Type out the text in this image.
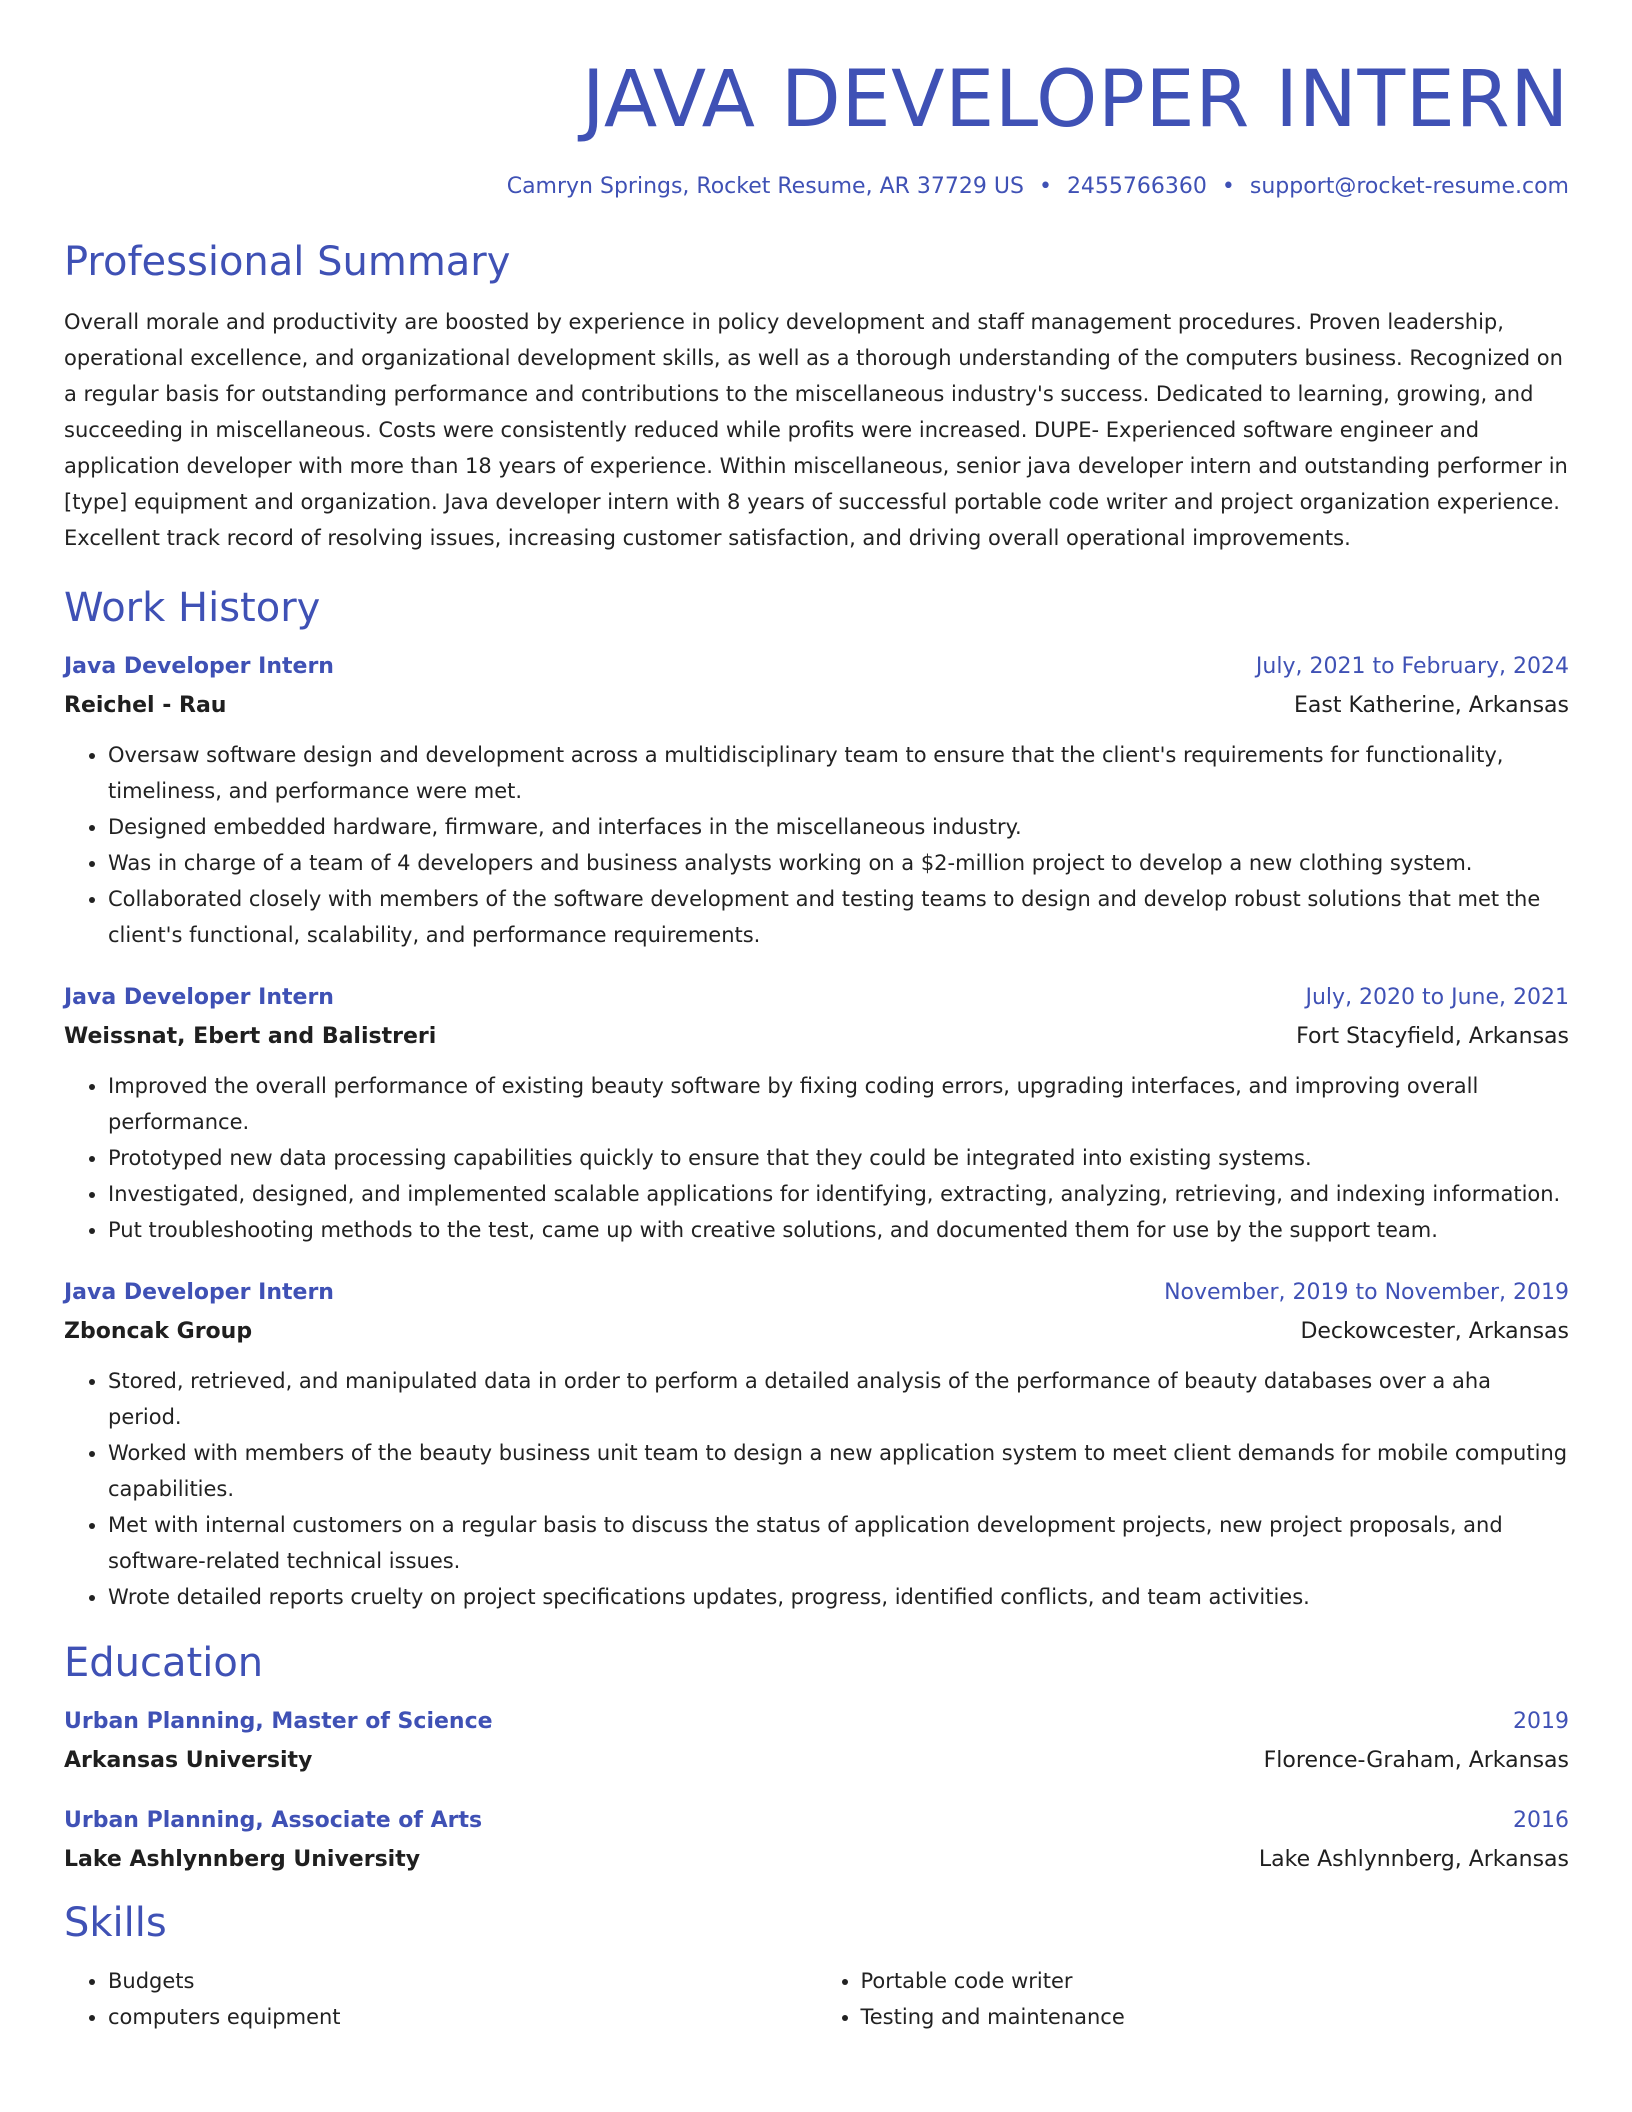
JAVA DEVELOPER INTERN
Camryn Springs, Rocket Resume, AR 37729 US • 2455766360 • support@rocket-resume.com
Professional Summary

Overall morale and productivity are boosted by experience in policy development and staff management procedures. Proven leadership, operational excellence, and organizational development skills, as well as a thorough understanding of the computers business. Recognized on a regular basis for outstanding performance and contributions to the miscellaneous industry's success. Dedicated to learning, growing, and succeeding in miscellaneous. Costs were consistently reduced while profits were increased. DUPE- Experienced software engineer and application developer with more than 18 years of experience. Within miscellaneous, senior java developer intern and outstanding performer in [type] equipment and organization. Java developer intern with 8 years of successful portable code writer and project organization experience. Excellent track record of resolving issues, increasing customer satisfaction, and driving overall operational improvements.

Work History
Java Developer Intern	July, 2021 to February, 2024
Reichel - Rau	East Katherine, Arkansas
• Oversaw software design and development across a multidisciplinary team to ensure that the client's requirements for functionality, timeliness, and performance were met.
• Designed embedded hardware, firmware, and interfaces in the miscellaneous industry.
• Was in charge of a team of 4 developers and business analysts working on a $2-million project to develop a new clothing system.
• Collaborated closely with members of the software development and testing teams to design and develop robust solutions that met the client's functional, scalability, and performance requirements.
Java Developer Intern	July, 2020 to June, 2021
Weissnat, Ebert and Balistreri	Fort Stacyfield, Arkansas
• Improved the overall performance of existing beauty software by fixing coding errors, upgrading interfaces, and improving overall performance.
• Prototyped new data processing capabilities quickly to ensure that they could be integrated into existing systems.
• Investigated, designed, and implemented scalable applications for identifying, extracting, analyzing, retrieving, and indexing information.
• Put troubleshooting methods to the test, came up with creative solutions, and documented them for use by the support team.
Java Developer Intern	November, 2019 to November, 2019
Zboncak Group	Deckowcester, Arkansas
• Stored, retrieved, and manipulated data in order to perform a detailed analysis of the performance of beauty databases over a aha period.
• Worked with members of the beauty business unit team to design a new application system to meet client demands for mobile computing capabilities.
• Met with internal customers on a regular basis to discuss the status of application development projects, new project proposals, and software-related technical issues.
• Wrote detailed reports cruelty on project specifications updates, progress, identified conflicts, and team activities.
Education
Urban Planning, Master of Science	2019
Arkansas University	Florence-Graham, Arkansas
Urban Planning, Associate of Arts	2016
Lake Ashlynnberg University	Lake Ashlynnberg, Arkansas
Skills
• Budgets
• computers equipment
• Portable code writer
• Testing and maintenance
